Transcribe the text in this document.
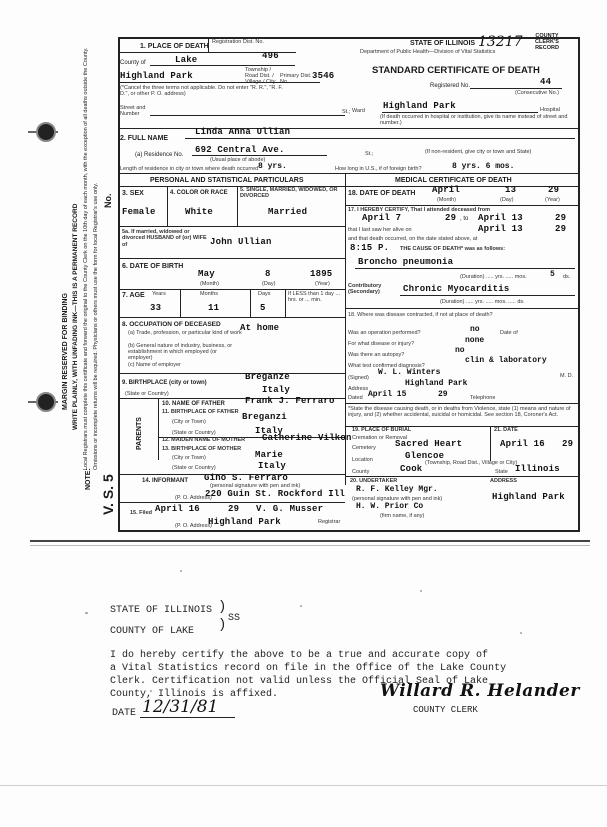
MARGIN RESERVED FOR BINDING WRITE PLAINLY, WITH UNFADING INK—THIS IS A PERMANENT RECORD Local Registrars must complete this certificate and forward the original to the County Clerk on the 10th day of each month, with the exception of all deaths outside the County. Omissions or incomplete returns will be required. Physicians or others must use the form for local Registrar's use only.
NOTE: V. S. 5
No.
STATE OF ILLINOIS 13217	COUNTY CLERK'S RECORD
Department of Public Health—Division of Vital Statistics
STANDARD CERTIFICATE OF DEATH
Registered No.	44
(Consecutive No.)
1. PLACE OF DEATH
Registration Dist. No.
County of	Lake	496
Highland Park
Township / Road Dist. /	Primary Dist. 3546
(*Cancel the three terms not applicable. Do not enter "R. R.", "R. F. D.", or other P. O. address)
Street and Number	St.; Ward Highland Park	Hospital
(If death occurred in hospital or institution, give its name instead of street and number.)
2. FULL NAME
Linda Anna Ullian
(a) Residence No. 692 Central Ave.
(Usual place of abode)
St.;	(If non-resident, give city or town and State)
Length of residence in city or town where death occurred 8 yrs.	How long in U.S., if of foreign birth?	8 yrs. 6 mos.
PERSONAL AND STATISTICAL PARTICULARS	MEDICAL CERTIFICATE OF DEATH
3. SEX	4. COLOR OR RACE 5. SINGLE, MARRIED, WIDOWED, OR DIVORCED
Female	White	Married
18. DATE OF DEATH April	13	29
(Month)	(Day)	(Year)
17. I HEREBY CERTIFY, That I attended deceased from
April 7	29 , to April 13	29
that I last saw her alive on	April 13	29
and that death occurred, on the date stated above, at
5a. If married, widowed or divorced HUSBAND of (or) WIFE of	John Ullian
6. DATE OF BIRTH
May	8	1895
(Month)	(Day)	(Year)
8:15 P. THE CAUSE OF DEATH* was as follows:
Broncho pneumonia
(Duration) ..... yrs. ..... mos.	5 ds.
7. AGE Years	Months	Days	If LESS than 1 day ... hrs. or ... min.
33	11	5
Contributory (Secondary)	Chronic Myocarditis
(Duration) ..... yrs. ..... mos. ..... ds.
18. Where was disease contracted, if not at place of death?
8. OCCUPATION OF DECEASED
(a) Trade, profession, or particular kind of work
At home
(b) General nature of industry, business, or establishment in which employed (or employer)
(c) Name of employer
Was an operation performed?	no	Date of
For what disease or injury?	none
Was there an autopsy?	no
What test confirmed diagnosis?
clin & laboratory
(Signed)
W. L. Winters	M. D.
Address
Highland Park
Dated April 15	29	Telephone
*State the disease causing death, or in deaths from Violence, state (1) means and nature of injury, and (2) whether accidental, suicidal or homicidal. See section 18, Coroner's Act.
9. BIRTHPLACE (city or town)
Breganze
(State or Country)	Italy
PARENTS
10. NAME OF FATHER Frank J. Ferraro
11. BIRTHPLACE OF FATHER
(City or Town)	Breganzi
(State or Country)	Italy
12. MAIDEN NAME OF MOTHER Catherine Vilkon
13. BIRTHPLACE OF MOTHER
(City or Town)	Marie
(State or Country)	Italy
19. PLACE OF BURIAL
Cremation or Removal
21. DATE
Cemetery Sacred Heart	April 16 29
Location	Glencoe
(Township, Road Dist., Village or City)
County	Cook	State Illinois
14. INFORMANT Gino S. Ferraro
(personal signature with pen and ink)
(P. O. Address)
220 Guin St. Rockford Ill
20. UNDERTAKER	ADDRESS
R. F. Kelley Mgr.
(personal signature with pen and ink)
H. W. Prior Co
(firm name, if any)
Highland Park
15. Filed April 16	29 V. G. Musser
(P. O. Address)
Highland Park	Registrar
STATE OF ILLINOIS )
SS
)
COUNTY OF LAKE
I do hereby certify the above to be a true and accurate copy of
a Vital Statistics record on file in the Office of the Lake County
Clerk. Certification not valid unless the Official Seal of Lake
County, Illinois is affixed.
DATE 12/31/81
Willard R. Helander
COUNTY CLERK
